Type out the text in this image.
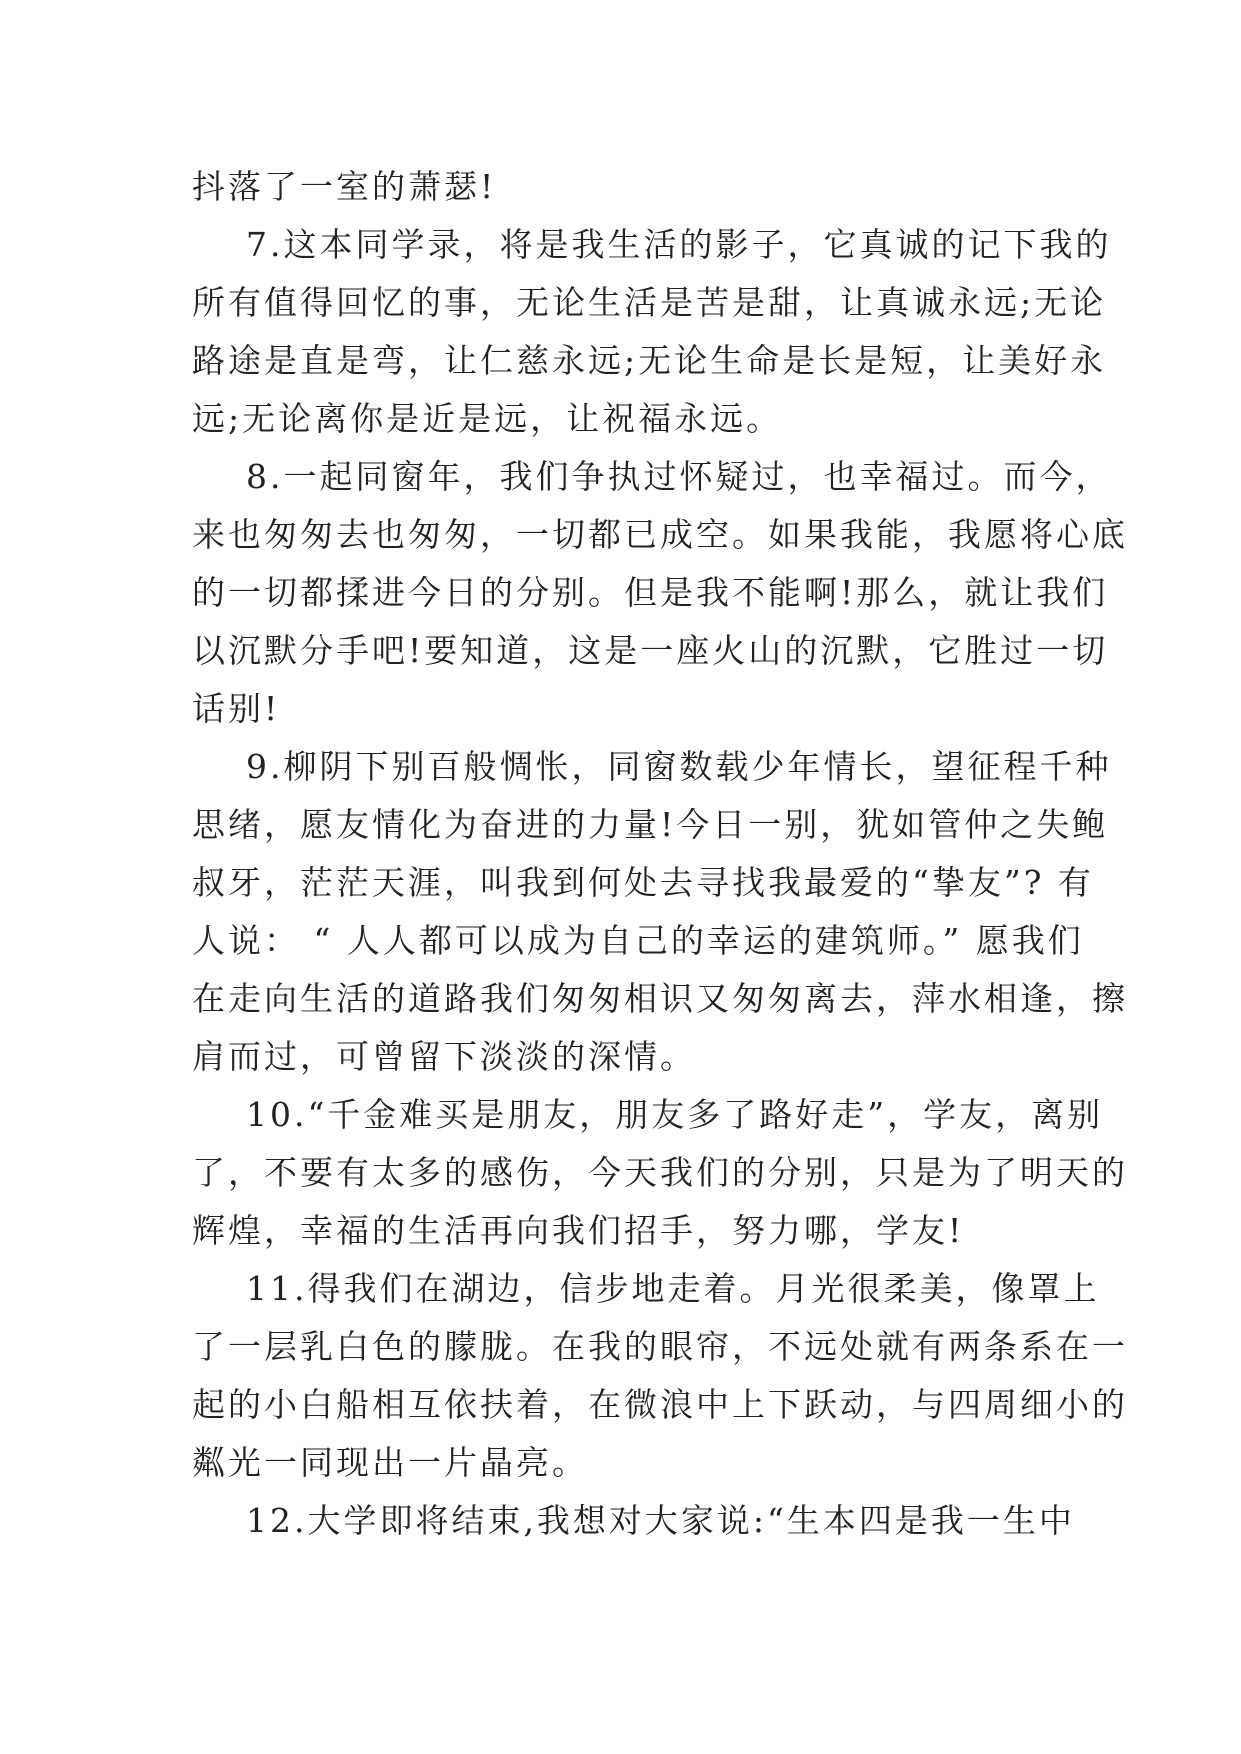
抖落了一室的萧瑟!
7.这本同学录，将是我生活的影子，它真诚的记下我的
所有值得回忆的事，无论生活是苦是甜，让真诚永远;无论
路途是直是弯，让仁慈永远;无论生命是长是短，让美好永
远;无论离你是近是远，让祝福永远。
8.一起同窗年，我们争执过怀疑过，也幸福过。而今，
来也匆匆去也匆匆，一切都已成空。如果我能，我愿将心底
的一切都揉进今日的分别。但是我不能啊!那么，就让我们
以沉默分手吧!要知道，这是一座火山的沉默，它胜过一切
话别!
9.柳阴下别百般惆怅，同窗数载少年情长，望征程千种
思绪，愿友情化为奋进的力量!今日一别，犹如管仲之失鲍
叔牙，茫茫天涯，叫我到何处去寻找我最爱的“挚友”? 有
人说： “ 人人都可以成为自己的幸运的建筑师。” 愿我们
在走向生活的道路我们匆匆相识又匆匆离去，萍水相逢，擦
肩而过，可曾留下淡淡的深情。
10.“千金难买是朋友，朋友多了路好走”，学友，离别
了，不要有太多的感伤，今天我们的分别，只是为了明天的
辉煌，幸福的生活再向我们招手，努力哪，学友!
11.得我们在湖边，信步地走着。月光很柔美，像罩上
了一层乳白色的朦胧。在我的眼帘，不远处就有两条系在一
起的小白船相互依扶着，在微浪中上下跃动，与四周细小的
粼光一同现出一片晶亮。
12.大学即将结束,我想对大家说:“生本四是我一生中
